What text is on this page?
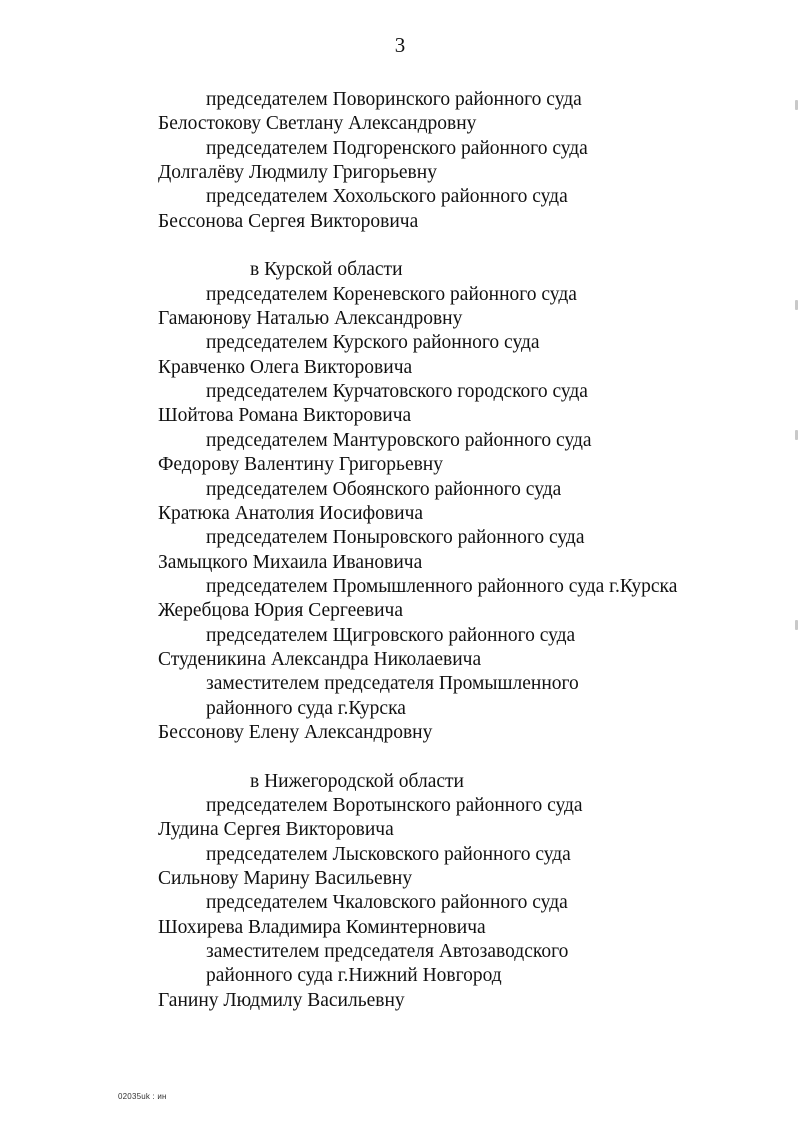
3
председателем Поворинского районного суда
Белостокову Светлану Александровну
председателем Подгоренского районного суда
Долгалёву Людмилу Григорьевну
председателем Хохольского районного суда
Бессонова Сергея Викторовича
в Курской области
председателем Кореневского районного суда
Гамаюнову Наталью Александровну
председателем Курского районного суда
Кравченко Олега Викторовича
председателем Курчатовского городского суда
Шойтова Романа Викторовича
председателем Мантуровского районного суда
Федорову Валентину Григорьевну
председателем Обоянского районного суда
Кратюка Анатолия Иосифовича
председателем Поныровского районного суда
Замыцкого Михаила Ивановича
председателем Промышленного районного суда г.Курска
Жеребцова Юрия Сергеевича
председателем Щигровского районного суда
Студеникина Александра Николаевича
заместителем председателя Промышленного
районного суда г.Курска
Бессонову Елену Александровну
в Нижегородской области
председателем Воротынского районного суда
Лудина Сергея Викторовича
председателем Лысковского районного суда
Сильнову Марину Васильевну
председателем Чкаловского районного суда
Шохирева Владимира Коминтерновича
заместителем председателя Автозаводского
районного суда г.Нижний Новгород
Ганину Людмилу Васильевну
02035uk : ин
